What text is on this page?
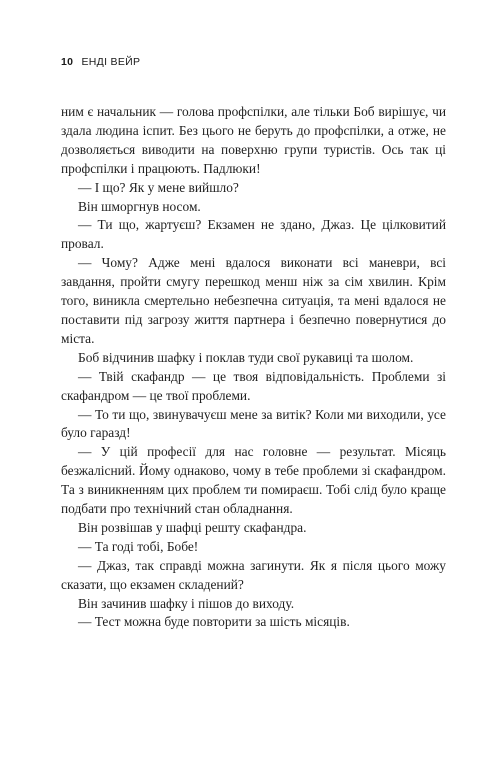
10 ЕНДІ ВЕЙР

ним є начальник — голова профспілки, але тільки Боб вирішує, чи здала людина іспит. Без цього не беруть до профспілки, а отже, не дозволяється виводити на поверхню групи туристів. Ось так ці профспілки і працюють. Падлюки!

— І що? Як у мене вийшло?

Він шморгнув носом.

— Ти що, жартуєш? Екзамен не здано, Джаз. Це цілковитий провал.

— Чому? Адже мені вдалося виконати всі маневри, всі завдання, пройти смугу перешкод менш ніж за сім хвилин. Крім того, виникла смертельно небезпечна ситуація, та мені вдалося не поставити під загрозу життя партнера і безпечно повернутися до міста.

Боб відчинив шафку і поклав туди свої рукавиці та шолом.

— Твій скафандр — це твоя відповідальність. Проблеми зі скафандром — це твої проблеми.

— То ти що, звинувачуєш мене за витік? Коли ми виходили, усе було гаразд!

— У цій професії для нас головне — результат. Місяць безжалісний. Йому однаково, чому в тебе проблеми зі скафандром. Та з виникненням цих проблем ти помираєш. Тобі слід було краще подбати про технічний стан обладнання.

Він розвішав у шафці решту скафандра.

— Та годі тобі, Бобе!

— Джаз, так справді можна загинути. Як я після цього можу сказати, що екзамен складений?

Він зачинив шафку і пішов до виходу.

— Тест можна буде повторити за шість місяців.
